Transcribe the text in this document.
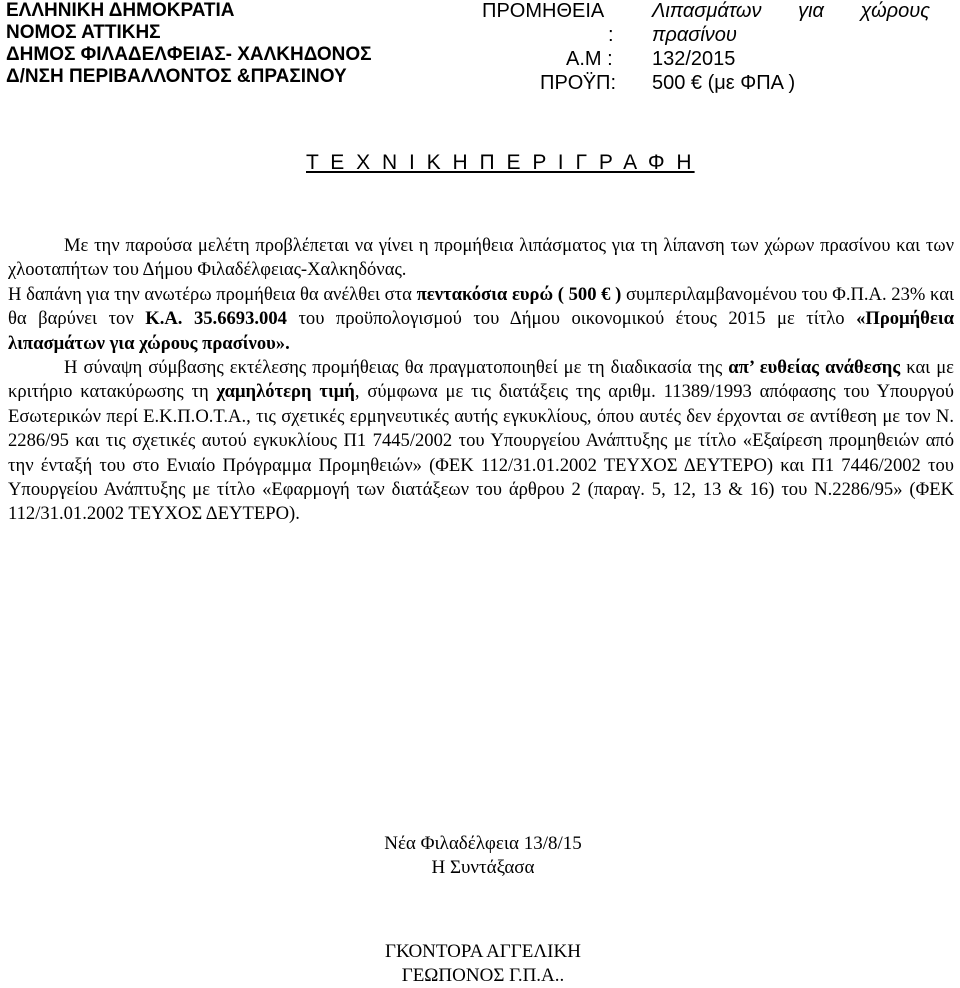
ΕΛΛΗΝΙΚΗ ΔΗΜΟΚΡΑΤΙΑ
ΝΟΜΟΣ ΑΤΤΙΚΗΣ
ΔΗΜΟΣ ΦΙΛΑΔΕΛΦΕΙΑΣ- ΧΑΛΚΗΔΟΝΟΣ
Δ/ΝΣΗ ΠΕΡΙΒΑΛΛΟΝΤΟΣ &ΠΡΑΣΙΝΟΥ
ΠΡΟΜΗΘΕΙΑ Λιπασμάτων για χώρους
: πρασίνου
Α.Μ : 132/2015
ΠΡΟΫΠ: 500 € (με ΦΠΑ )
Τ Ε Χ Ν Ι Κ Η Π Ε Ρ Ι Γ Ρ Α Φ Η

Με την παρούσα μελέτη προβλέπεται να γίνει η προμήθεια λιπάσματος για τη λίπανση των χώρων πρασίνου και των χλοοταπήτων του Δήμου Φιλαδέλφειας-Χαλκηδόνας.

Η δαπάνη για την ανωτέρω προμήθεια θα ανέλθει στα πεντακόσια ευρώ ( 500 € ) συμπεριλαμβανομένου του Φ.Π.Α. 23% και θα βαρύνει τον Κ.Α. 35.6693.004 του προϋπολογισμού του Δήμου οικονομικού έτους 2015 με τίτλο «Προμήθεια λιπασμάτων για χώρους πρασίνου».

Η σύναψη σύμβασης εκτέλεσης προμήθειας θα πραγματοποιηθεί με τη διαδικασία της απ’ ευθείας ανάθεσης και με κριτήριο κατακύρωσης τη χαμηλότερη τιμή, σύμφωνα με τις διατάξεις της αριθμ. 11389/1993 απόφασης του Υπουργού Εσωτερικών περί Ε.Κ.Π.Ο.Τ.Α., τις σχετικές ερμηνευτικές αυτής εγκυκλίους, όπου αυτές δεν έρχονται σε αντίθεση με τον Ν. 2286/95 και τις σχετικές αυτού εγκυκλίους Π1 7445/2002 του Υπουργείου Ανάπτυξης με τίτλο «Εξαίρεση προμηθειών από την ένταξή του στο Ενιαίο Πρόγραμμα Προμηθειών» (ΦΕΚ 112/31.01.2002 ΤΕΥΧΟΣ ΔΕΥΤΕΡΟ) και Π1 7446/2002 του Υπουργείου Ανάπτυξης με τίτλο «Εφαρμογή των διατάξεων του άρθρου 2 (παραγ. 5, 12, 13 & 16) του Ν.2286/95» (ΦΕΚ 112/31.01.2002 ΤΕΥΧΟΣ ΔΕΥΤΕΡΟ).

Νέα Φιλαδέλφεια 13/8/15
Η Συντάξασα
ΓΚΟΝΤΟΡΑ ΑΓΓΕΛΙΚΗ
ΓΕΩΠΟΝΟΣ Γ.Π.Α..
